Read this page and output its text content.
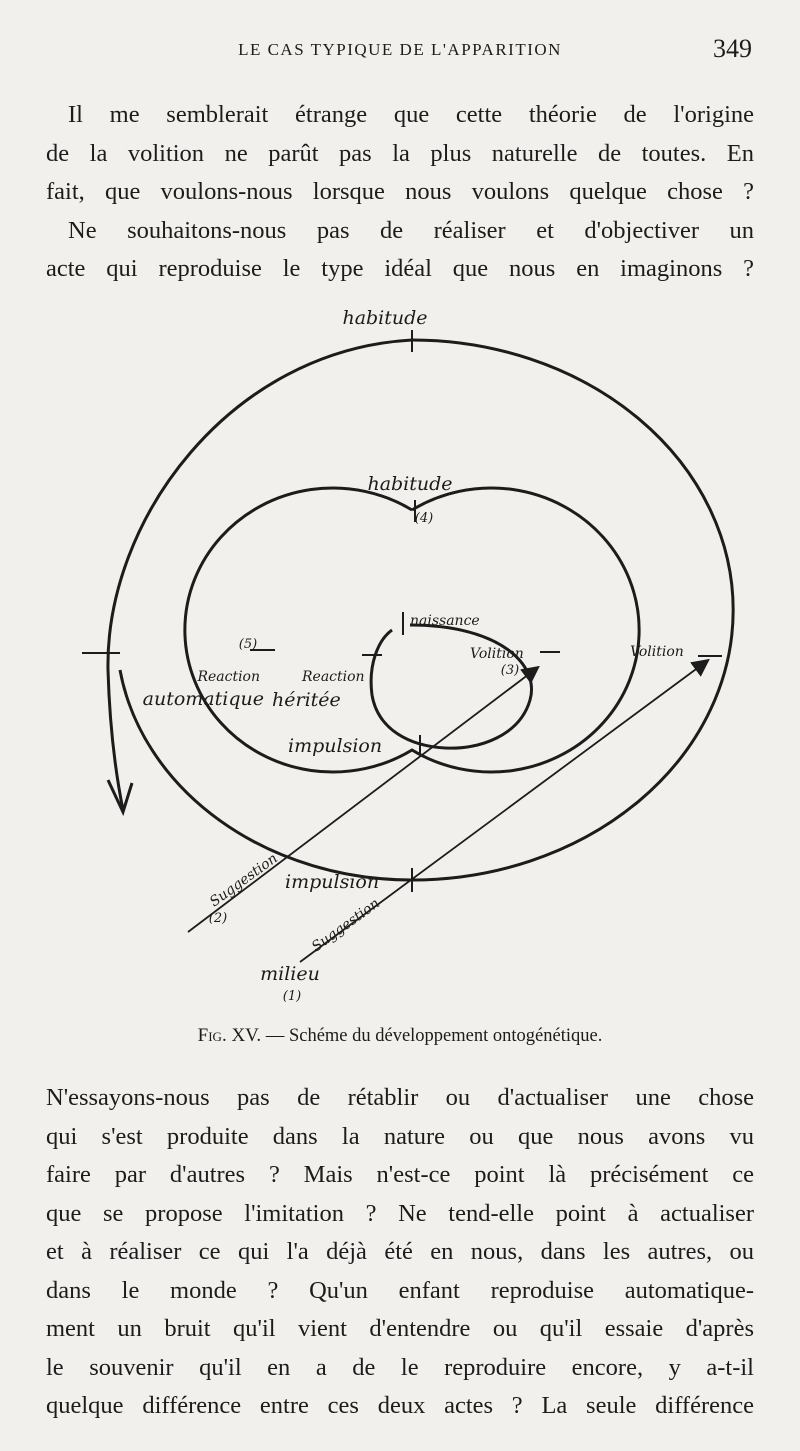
LE CAS TYPIQUE DE L'APPARITION	349
Il me semblerait étrange que cette théorie de l'origine
de la volition ne parût pas la plus naturelle de toutes. En
fait, que voulons-nous lorsque nous voulons quelque chose ?
Ne souhaitons-nous pas de réaliser et d'objectiver un
acte qui reproduise le type idéal que nous en imaginons ?
habitude
habitude
(4)
naissance
(5)
Volition
(3)
Volition
Reaction
automatique
Reaction
héritée
impulsion
Suggestion
(2)
impulsion
Suggestion
milieu
(1)
Fig. XV. — Schéme du développement ontogénétique.
N'essayons-nous pas de rétablir ou d'actualiser une chose
qui s'est produite dans la nature ou que nous avons vu
faire par d'autres ? Mais n'est-ce point là précisément ce
que se propose l'imitation ? Ne tend-elle point à actualiser
et à réaliser ce qui l'a déjà été en nous, dans les autres, ou
dans le monde ? Qu'un enfant reproduise automatique-
ment un bruit qu'il vient d'entendre ou qu'il essaie d'après
le souvenir qu'il en a de le reproduire encore, y a-t-il
quelque différence entre ces deux actes ? La seule différence
